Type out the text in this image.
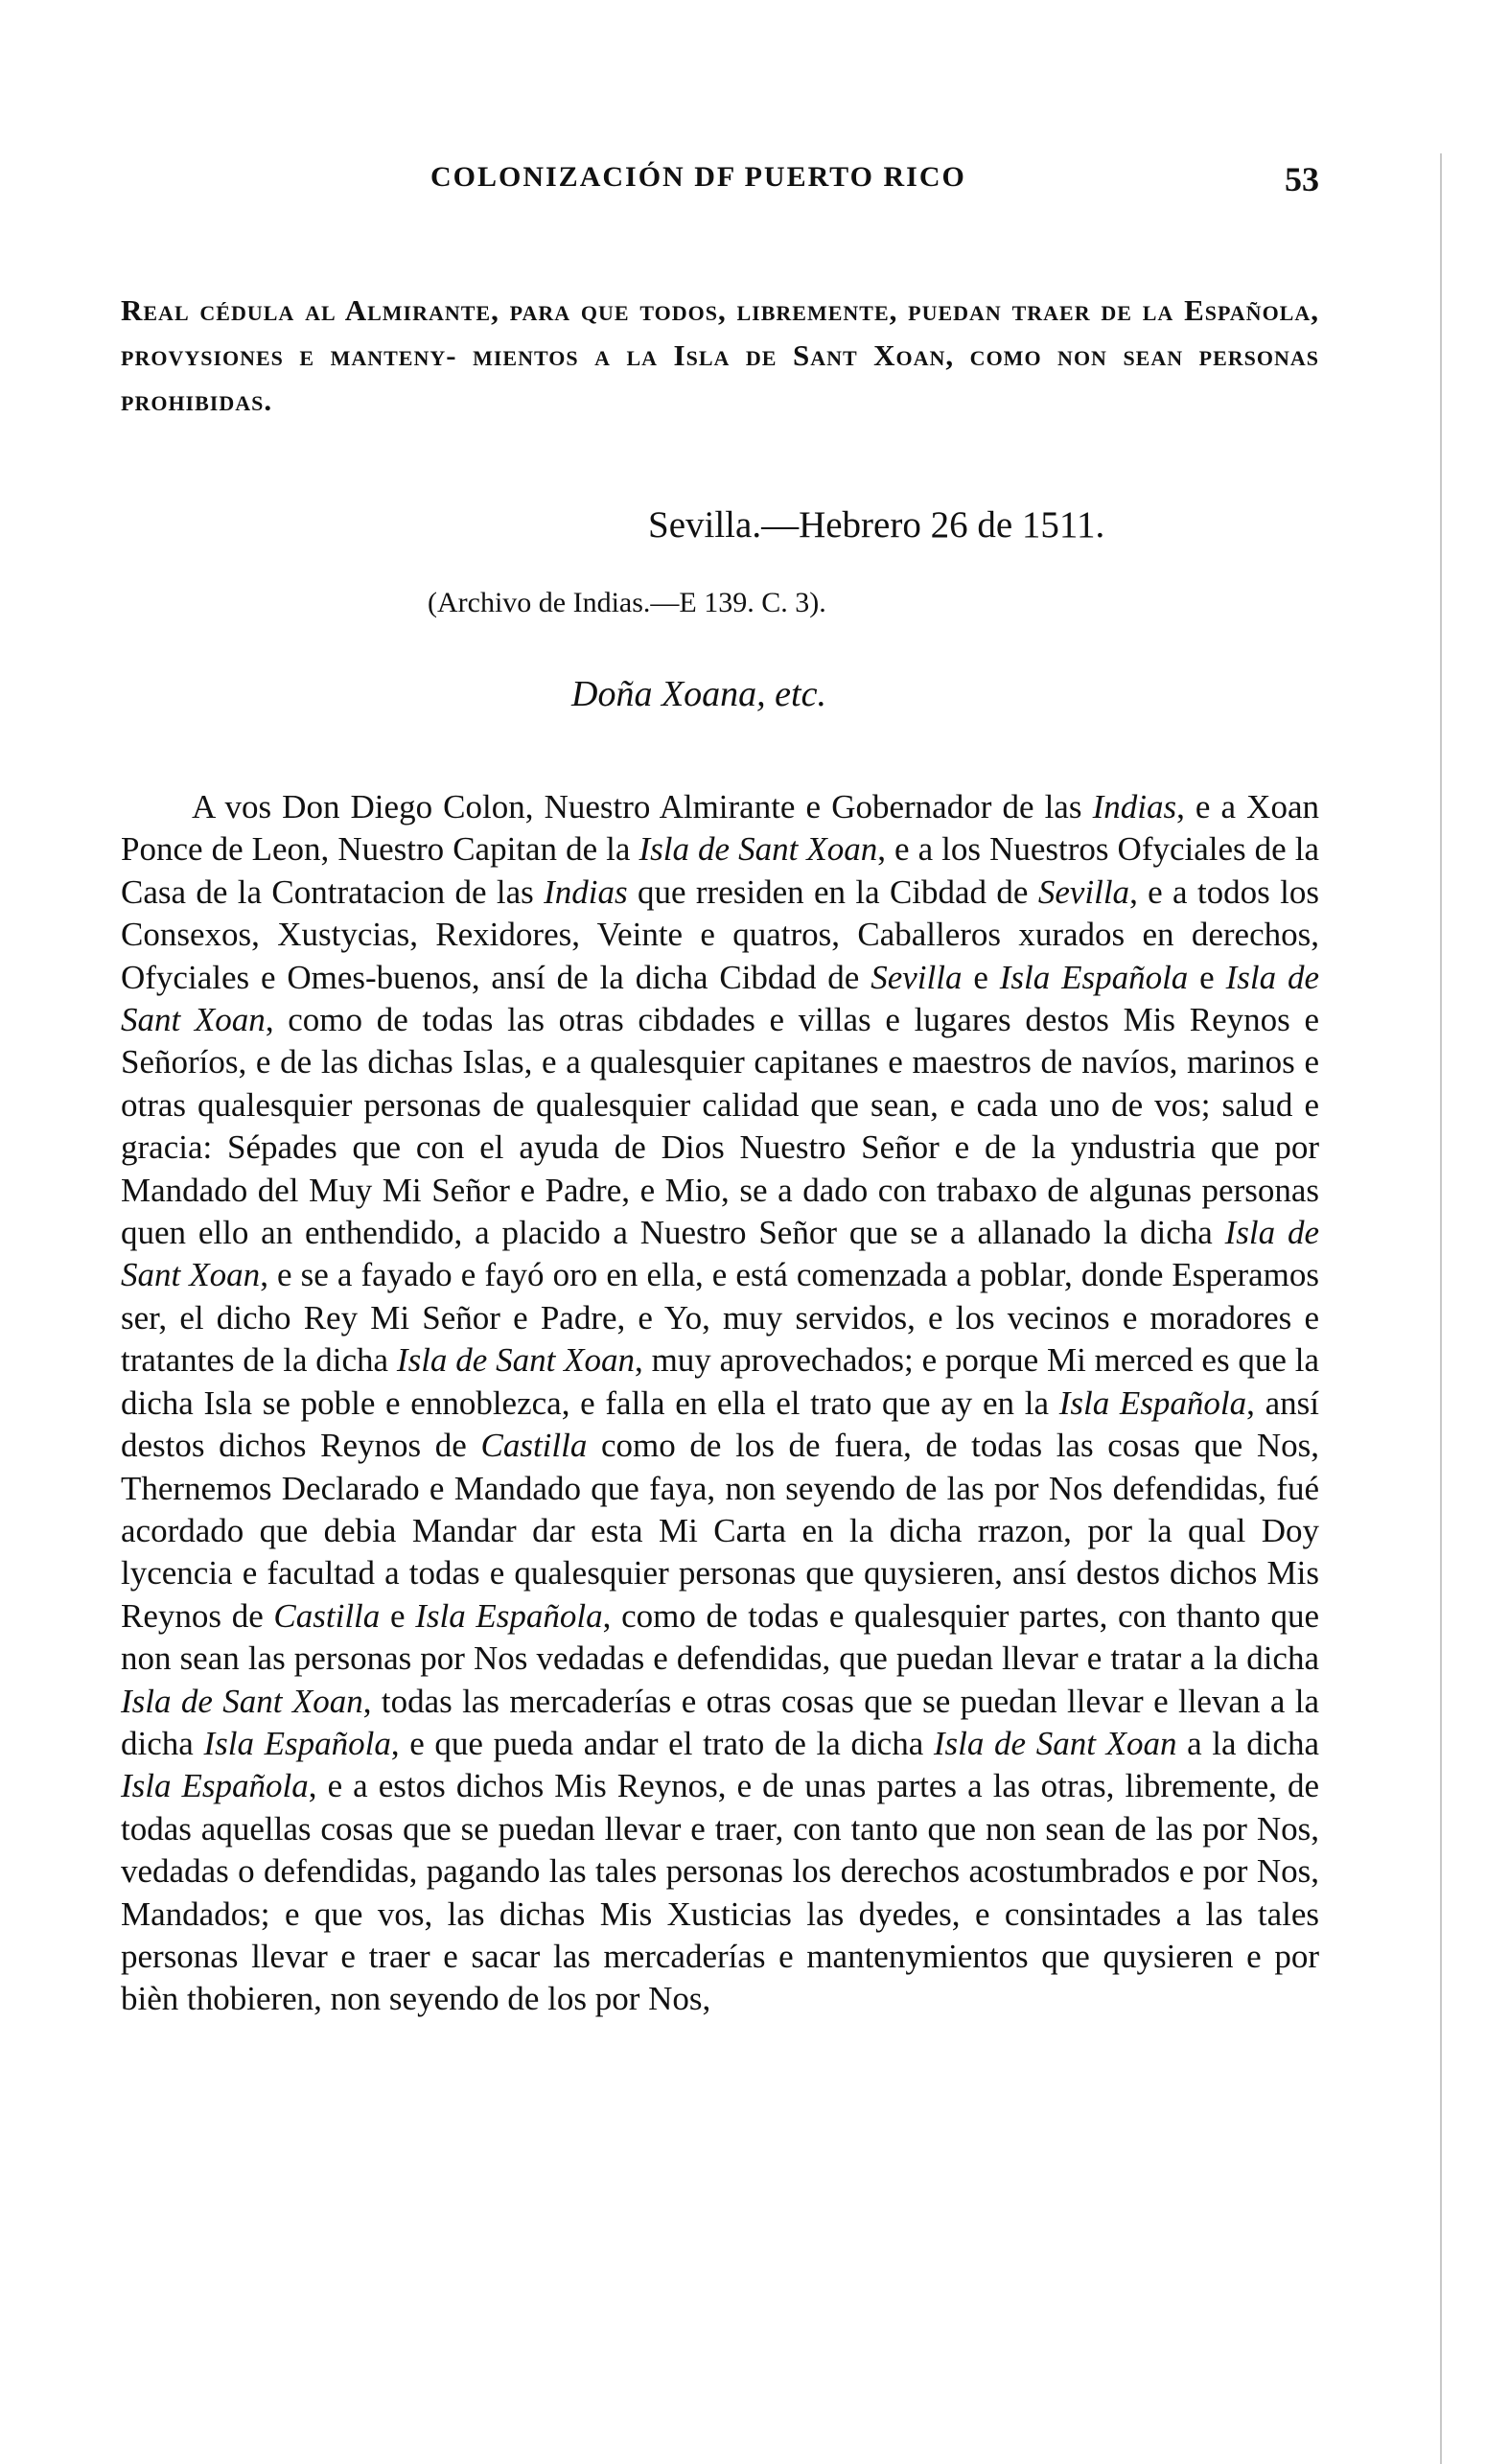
COLONIZACIÓN DF PUERTO RICO	53
Real cédula al Almirante, para que todos, libremente, puedan traer de la Española, provysiones e manteny- mientos a la Isla de Sant Xoan, como non sean personas prohibidas.
Sevilla.—Hebrero 26 de 1511.
(Archivo de Indias.—E 139. C. 3).
Doña Xoana, etc.

A vos Don Diego Colon, Nuestro Almirante e Gobernador de las Indias, e a Xoan Ponce de Leon, Nuestro Capitan de la Isla de Sant Xoan, e a los Nuestros Ofyciales de la Casa de la Contratacion de las Indias que rresiden en la Cibdad de Sevilla, e a todos los Consexos, Xustycias, Rexidores, Veinte e quatros, Caballeros xurados en derechos, Ofyciales e Omes-buenos, ansí de la dicha Cibdad de Sevilla e Isla Española e Isla de Sant Xoan, como de todas las otras cibdades e villas e lugares destos Mis Reynos e Señoríos, e de las dichas Islas, e a qualesquier capitanes e maestros de navíos, marinos e otras qualesquier personas de qualesquier calidad que sean, e cada uno de vos; salud e gracia: Sépades que con el ayuda de Dios Nuestro Señor e de la yndustria que por Mandado del Muy Mi Señor e Padre, e Mio, se a dado con trabaxo de algunas personas quen ello an enthendido, a placido a Nuestro Señor que se a allanado la dicha Isla de Sant Xoan, e se a fayado e fayó oro en ella, e está comenzada a poblar, donde Esperamos ser, el dicho Rey Mi Señor e Padre, e Yo, muy servidos, e los vecinos e moradores e tratantes de la dicha Isla de Sant Xoan, muy aprovechados; e porque Mi merced es que la dicha Isla se poble e ennoblezca, e falla en ella el trato que ay en la Isla Española, ansí destos dichos Reynos de Castilla como de los de fuera, de todas las cosas que Nos, Thernemos Declarado e Mandado que faya, non seyendo de las por Nos defendidas, fué acordado que debia Mandar dar esta Mi Carta en la dicha rrazon, por la qual Doy lycencia e facultad a todas e qualesquier personas que quysieren, ansí destos dichos Mis Reynos de Castilla e Isla Española, como de todas e qualesquier partes, con thanto que non sean las personas por Nos vedadas e defendidas, que puedan llevar e tratar a la dicha Isla de Sant Xoan, todas las mercaderías e otras cosas que se puedan llevar e llevan a la dicha Isla Española, e que pueda andar el trato de la dicha Isla de Sant Xoan a la dicha Isla Española, e a estos dichos Mis Reynos, e de unas partes a las otras, libremente, de todas aquellas cosas que se puedan llevar e traer, con tanto que non sean de las por Nos, vedadas o defendidas, pagando las tales personas los derechos acostumbrados e por Nos, Mandados; e que vos, las dichas Mis Xusticias las dyedes, e consintades a las tales personas llevar e traer e sacar las mercaderías e mantenymientos que quysieren e por bièn thobieren, non seyendo de los por Nos,
